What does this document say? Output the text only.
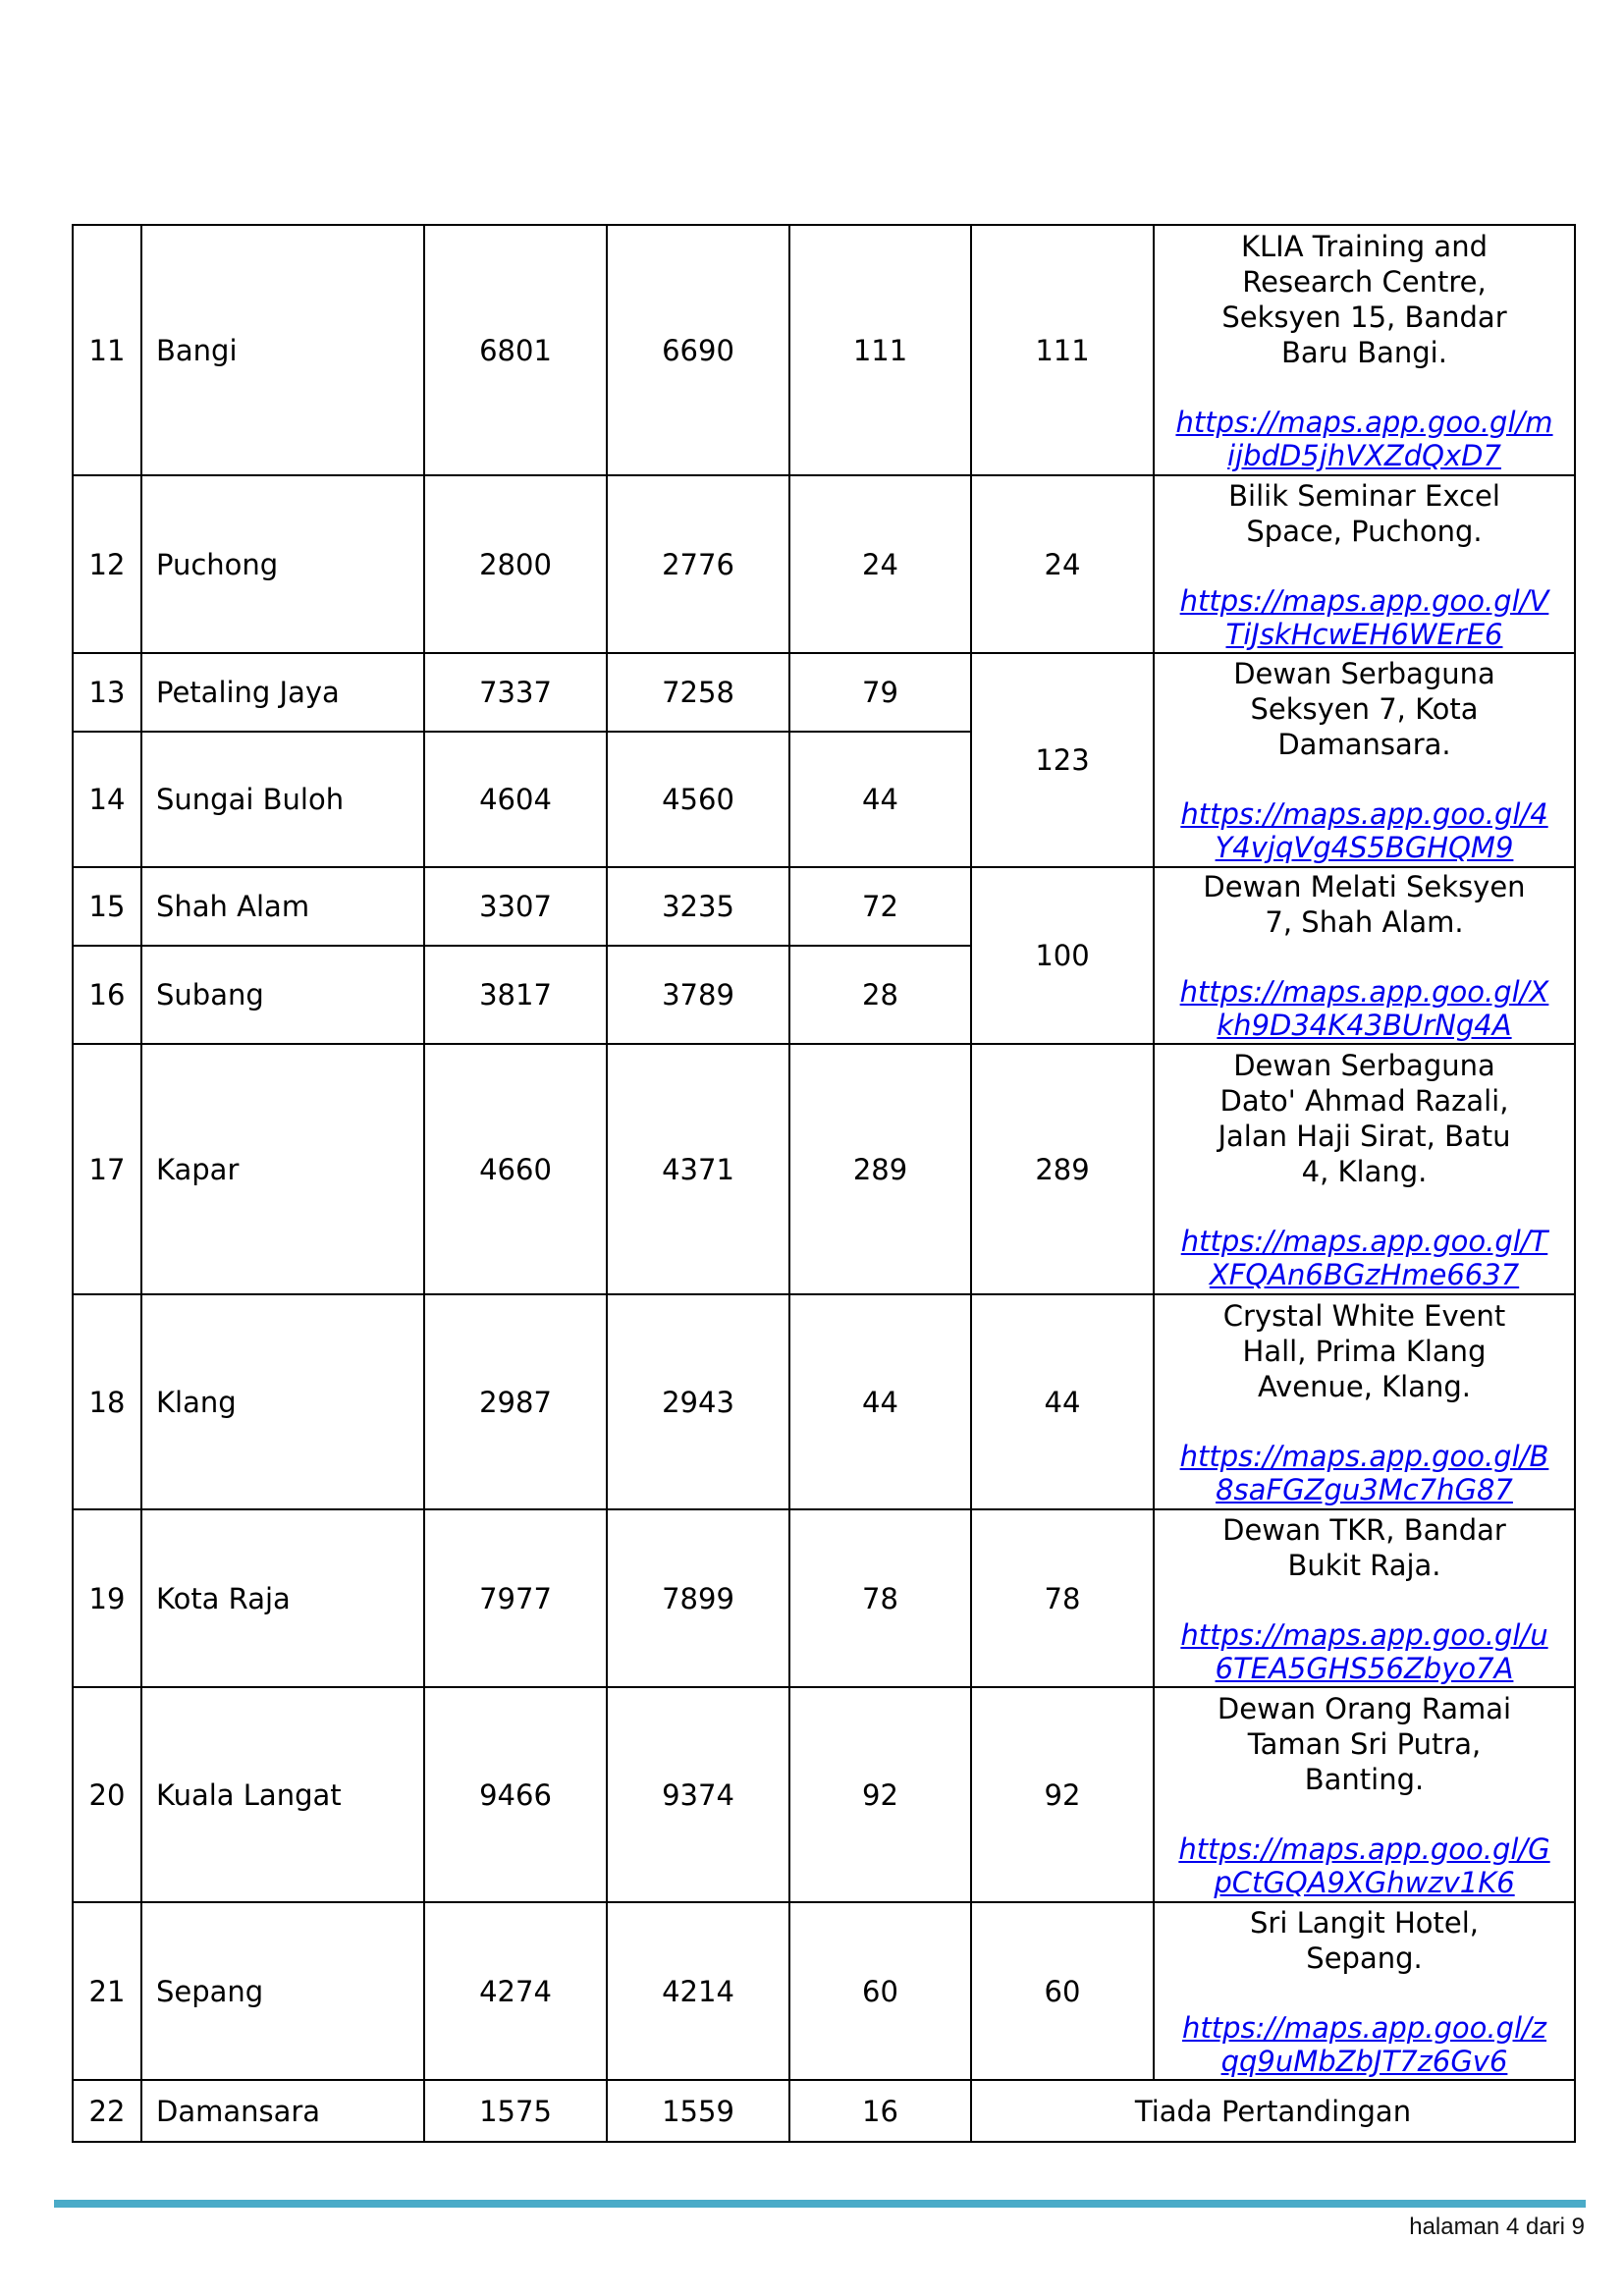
11	Bangi	6801	6690	111	111	KLIA Training and
Research Centre,
Seksyen 15, Bandar
Baru Bangi.
https://maps.app.goo.gl/mijbdD5jhVXZdQxD7

12	Puchong	2800	2776	24	24	Bilik Seminar Excel
Space, Puchong.
https://maps.app.goo.gl/VTiJskHcwEH6WErE6

13	Petaling Jaya	7337	7258	79	123	Dewan Serbaguna
Seksyen 7, Kota
Damansara.
https://maps.app.goo.gl/4Y4vjqVg4S5BGHQM9

14	Sungai Buloh	4604	4560	44		
15	Shah Alam	3307	3235	72	100	Dewan Melati Seksyen
7, Shah Alam.
https://maps.app.goo.gl/Xkh9D34K43BUrNg4A

16	Subang	3817	3789	28		
17	Kapar	4660	4371	289	289	Dewan Serbaguna
Dato' Ahmad Razali,
Jalan Haji Sirat, Batu
4, Klang.
https://maps.app.goo.gl/TXFQAn6BGzHme6637

18	Klang	2987	2943	44	44	Crystal White Event
Hall, Prima Klang
Avenue, Klang.
https://maps.app.goo.gl/B8saFGZgu3Mc7hG87

19	Kota Raja	7977	7899	78	78	Dewan TKR, Bandar
Bukit Raja.
https://maps.app.goo.gl/u6TEA5GHS56Zbyo7A

20	Kuala Langat	9466	9374	92	92	Dewan Orang Ramai
Taman Sri Putra,
Banting.
https://maps.app.goo.gl/GpCtGQA9XGhwzv1K6

21	Sepang	4274	4214	60	60	Sri Langit Hotel,
Sepang.
https://maps.app.goo.gl/zqq9uMbZbJT7z6Gv6

22	Damansara	1575	1559	16	Tiada Pertandingan	
halaman 4 dari 9
